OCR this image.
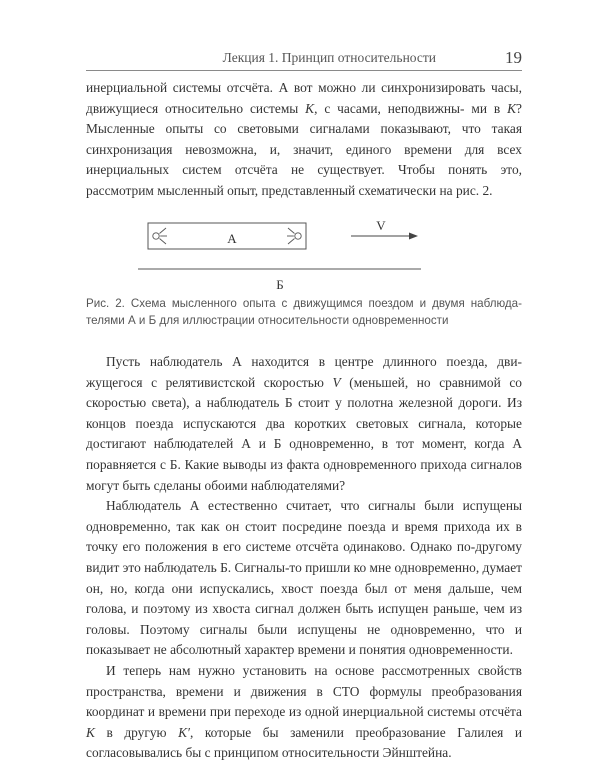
Лекция 1. Принцип относительности	19

инерциальной системы отсчёта. А вот можно ли синхронизировать часы, движущиеся относительно системы K, с часами, неподвижны- ми в K? Мысленные опыты со световыми сигналами показывают, что такая синхронизация невозможна, и, значит, единого времени для всех инерциальных систем отсчёта не существует. Чтобы понять это, рассмотрим мысленный опыт, представленный схематически на рис. 2.

А
V
Б
Рис. 2. Схема мысленного опыта с движущимся поездом и двумя наблюдателями А и Б для иллюстрации относительности одновременности

Пусть наблюдатель А находится в центре длинного поезда, движущегося с релятивистской скоростью V (меньшей, но сравнимой со скоростью света), а наблюдатель Б стоит у полотна железной дороги. Из концов поезда испускаются два коротких световых сигнала, которые достигают наблюдателей А и Б одновременно, в тот момент, когда А поравняется с Б. Какие выводы из факта одновременного прихода сигналов могут быть сделаны обоими наблюдателями?

Наблюдатель А естественно считает, что сигналы были испущены одновременно, так как он стоит посредине поезда и время прихода их в точку его положения в его системе отсчёта одинаково. Однако по-другому видит это наблюдатель Б. Сигналы-то пришли ко мне одновременно, думает он, но, когда они испускались, хвост поезда был от меня дальше, чем голова, и поэтому из хвоста сигнал должен быть испущен раньше, чем из головы. Поэтому сигналы были испущены не одновременно, что и показывает не абсолютный характер времени и понятия одновременности.

И теперь нам нужно установить на основе рассмотренных свойств пространства, времени и движения в СТО формулы преобразования координат и времени при переходе из одной инерциальной системы отсчёта K в другую K′, которые бы заменили преобразование Галилея и согласовывались бы с принципом относительности Эйнштейна.
